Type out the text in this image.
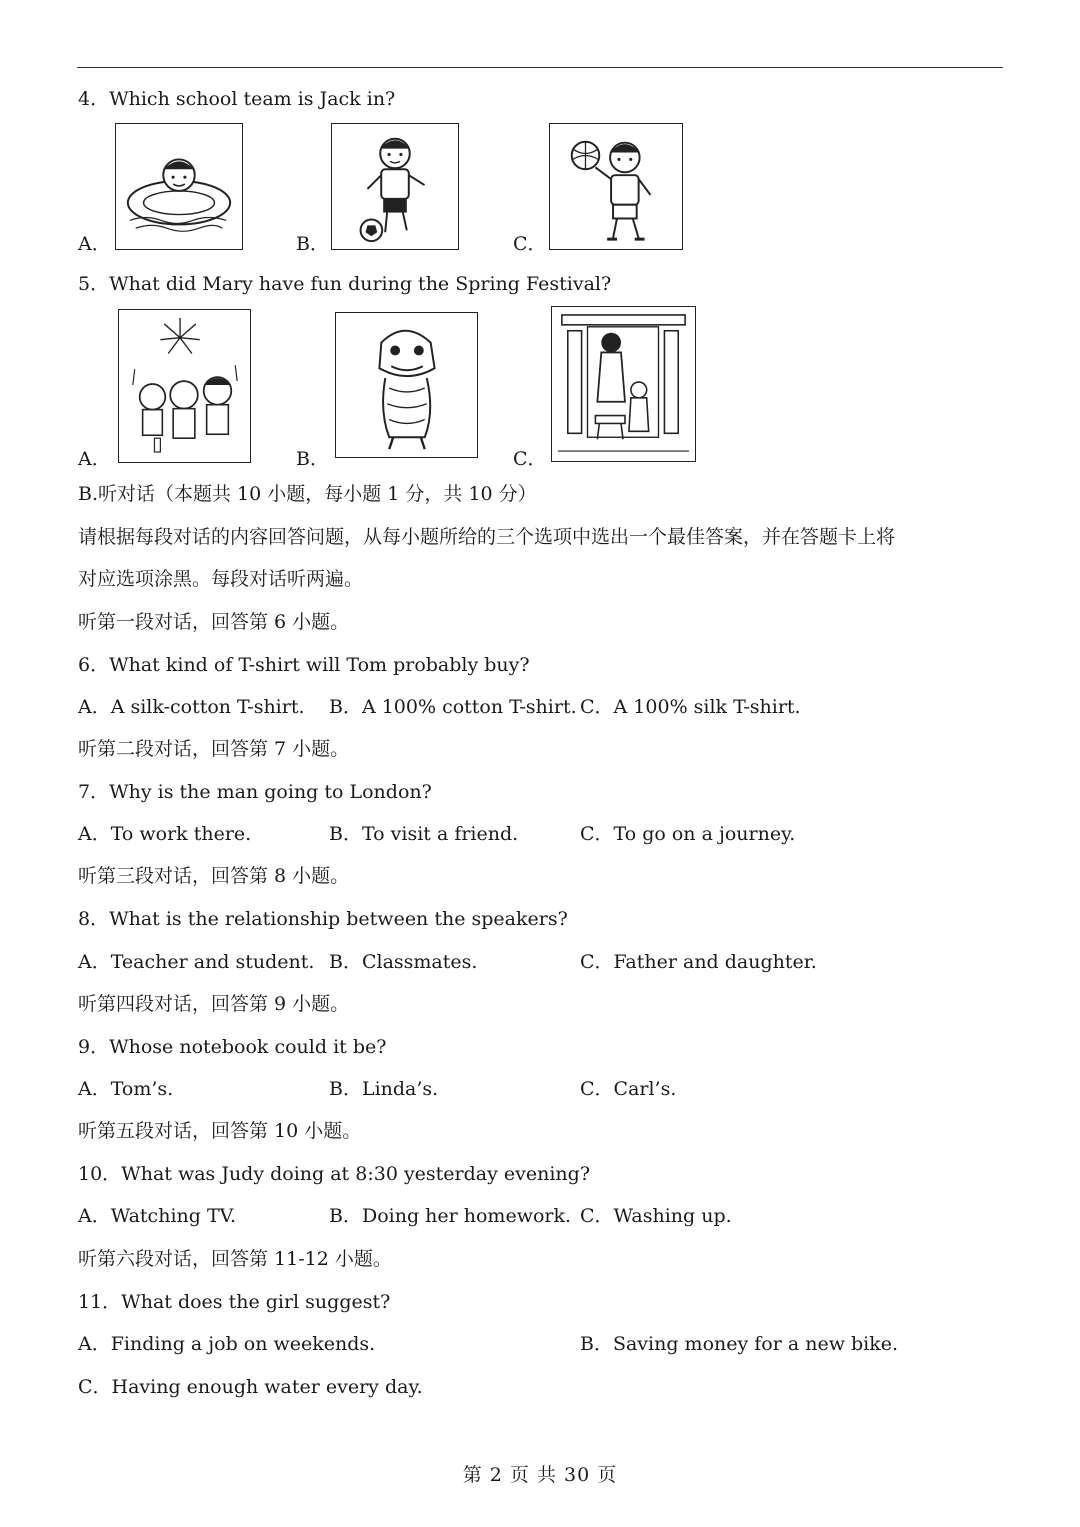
4．Which school team is Jack in?
A．	B．	C．
5．What did Mary have fun during the Spring Festival?
A．	B．	C．
B.听对话（本题共 10 小题，每小题 1 分，共 10 分）
请根据每段对话的内容回答问题，从每小题所给的三个选项中选出一个最佳答案，并在答题卡上将
对应选项涂黑。每段对话听两遍。
听第一段对话，回答第 6 小题。
6．What kind of T-shirt will Tom probably buy?
A．A silk-cotton T-shirt. B．A 100% cotton T-shirt. C．A 100% silk T-shirt.
听第二段对话，回答第 7 小题。
7．Why is the man going to London?
A．To work there.	B．To visit a friend.	C．To go on a journey.
听第三段对话，回答第 8 小题。
8．What is the relationship between the speakers?
A．Teacher and student. B．Classmates.	C．Father and daughter.
听第四段对话，回答第 9 小题。
9．Whose notebook could it be?
A．Tom’s.	B．Linda’s.	C．Carl’s.
听第五段对话，回答第 10 小题。
10．What was Judy doing at 8:30 yesterday evening?
A．Watching TV.	B．Doing her homework. C．Washing up.
听第六段对话，回答第 11-12 小题。
11．What does the girl suggest?
A．Finding a job on weekends.	B．Saving money for a new bike.
C．Having enough water every day.
第 2 页 共 30 页
